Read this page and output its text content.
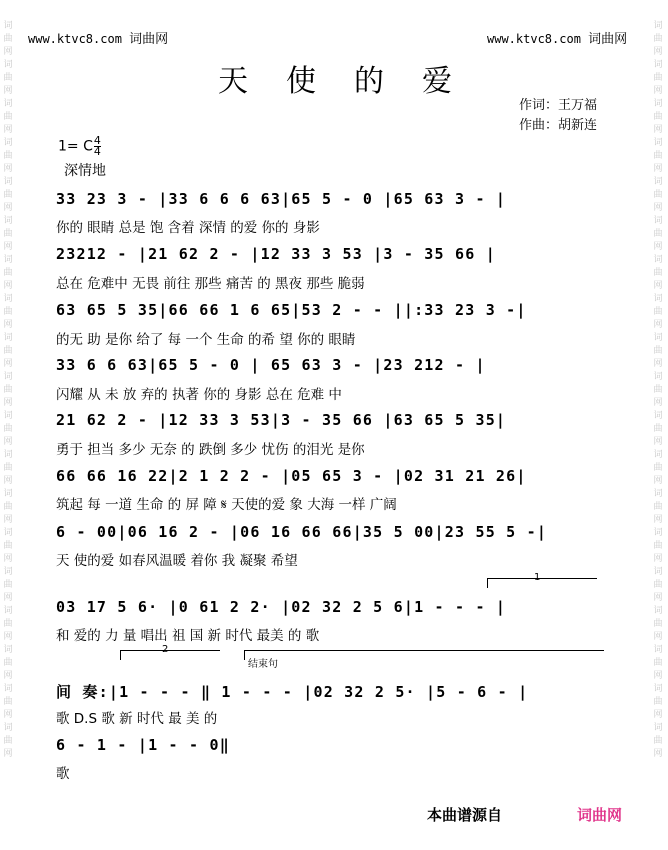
词曲网词曲网词曲网词曲网词曲网词曲网词曲网词曲网词曲网词曲网词曲网词曲网词曲网词曲网词曲网词曲网词曲网词曲网词曲网
词曲网词曲网词曲网词曲网词曲网词曲网词曲网词曲网词曲网词曲网词曲网词曲网词曲网词曲网词曲网词曲网词曲网词曲网词曲网
www.ktvc8.com 词曲网	www.ktvc8.com 词曲网
天使的爱
作词：王万福
作曲：胡新连
1= C $\frac{4}{4}$
深情地
33 23 3 - |33 6 6 6 63|65 5 - 0 |65 63 3 - |
你的 眼睛 总是 饱 含着 深情 的爱 你的 身影
23212 - |21 62 2 - |12 33 3 53 |3 - 35 66 |
总在 危难中 无畏 前往 那些 痛苦 的 黑夜 那些 脆弱
63 65 5 35|66 66 1 6 65|53 2 - - ||:33 23 3 -|
的无 助 是你 给了 每 一个 生命 的希 望 你的 眼睛
33 6 6 63|65 5 - 0 | 65 63 3 - |23 212 - |
闪耀 从 未 放 弃的 执著 你的 身影 总在 危难 中
21 62 2 - |12 33 3 53|3 - 35 66 |63 65 5 35|
勇于 担当 多少 无奈 的 跌倒 多少 忧伤 的泪光 是你
66 66 16 22|2 1 2 2 - |05 65 3 - |02 31 21 26|
筑起 每 一道 生命 的 屏 障 𝄋 天使的爱 象 大海 一样 广阔
6 - 00|06 16 2 - |06 16 66 66|35 5 00|23 55 5 -|
天 使的爱 如春风温暖 着你 我 凝聚 希望
1
03 17 5 6· |0 61 2 2· |02 32 2 5 6|1 - - - |
和 爱的 力 量 唱出 祖 国 新 时代 最美 的 歌
2
结束句
间 奏:|1 - - - ‖ 1 - - - |02 32 2 5· |5 - 6 - |
歌 D.S 歌 新 时代 最 美 的
6 - 1 - |1 - - 0‖
歌
本曲谱源自	词曲网
